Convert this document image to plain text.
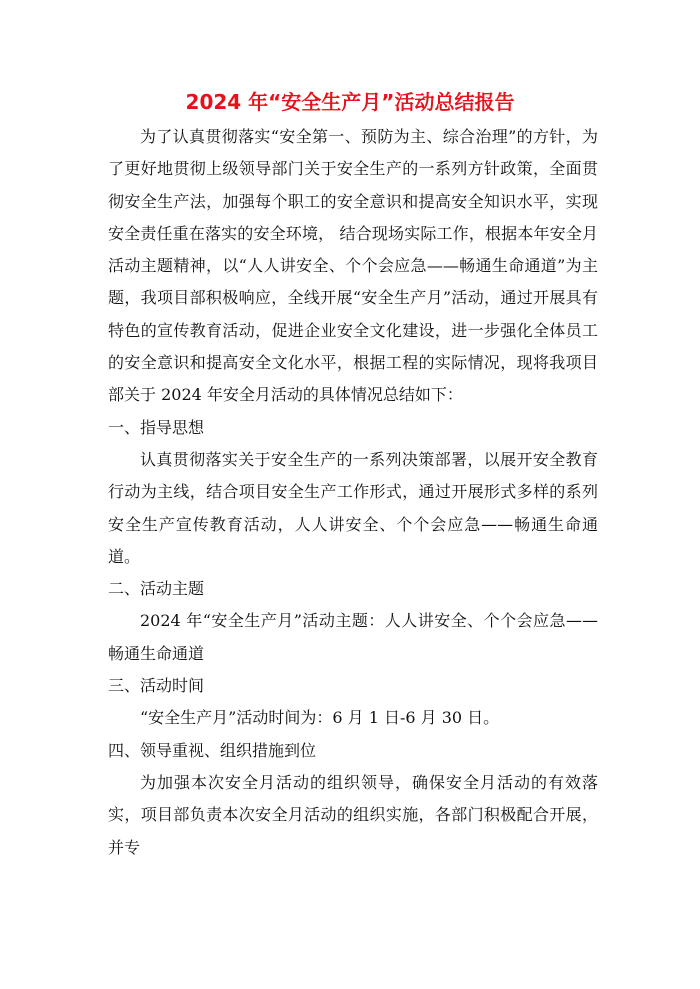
2024 年“安全生产月”活动总结报告

为了认真贯彻落实“安全第一、预防为主、综合治理”的方针，为了更好地贯彻上级领导部门关于安全生产的一系列方针政策，全面贯彻安全生产法，加强每个职工的安全意识和提高安全知识水平，实现安全责任重在落实的安全环境， 结合现场实际工作，根据本年安全月活动主题精神，以“人人讲安全、个个会应急——畅通生命通道”为主题，我项目部积极响应，全线开展“安全生产月”活动，通过开展具有特色的宣传教育活动，促进企业安全文化建设，进一步强化全体员工的安全意识和提高安全文化水平，根据工程的实际情况，现将我项目部关于 2024 年安全月活动的具体情况总结如下：

一、指导思想

认真贯彻落实关于安全生产的一系列决策部署，以展开安全教育行动为主线，结合项目安全生产工作形式，通过开展形式多样的系列安全生产宣传教育活动，人人讲安全、个个会应急——畅通生命通道。

二、活动主题

2024 年“安全生产月”活动主题：人人讲安全、个个会应急——畅通生命通道

三、活动时间

“安全生产月”活动时间为：6 月 1 日-6 月 30 日。

四、领导重视、组织措施到位

为加强本次安全月活动的组织领导，确保安全月活动的有效落实，项目部负责本次安全月活动的组织实施，各部门积极配合开展，并专
